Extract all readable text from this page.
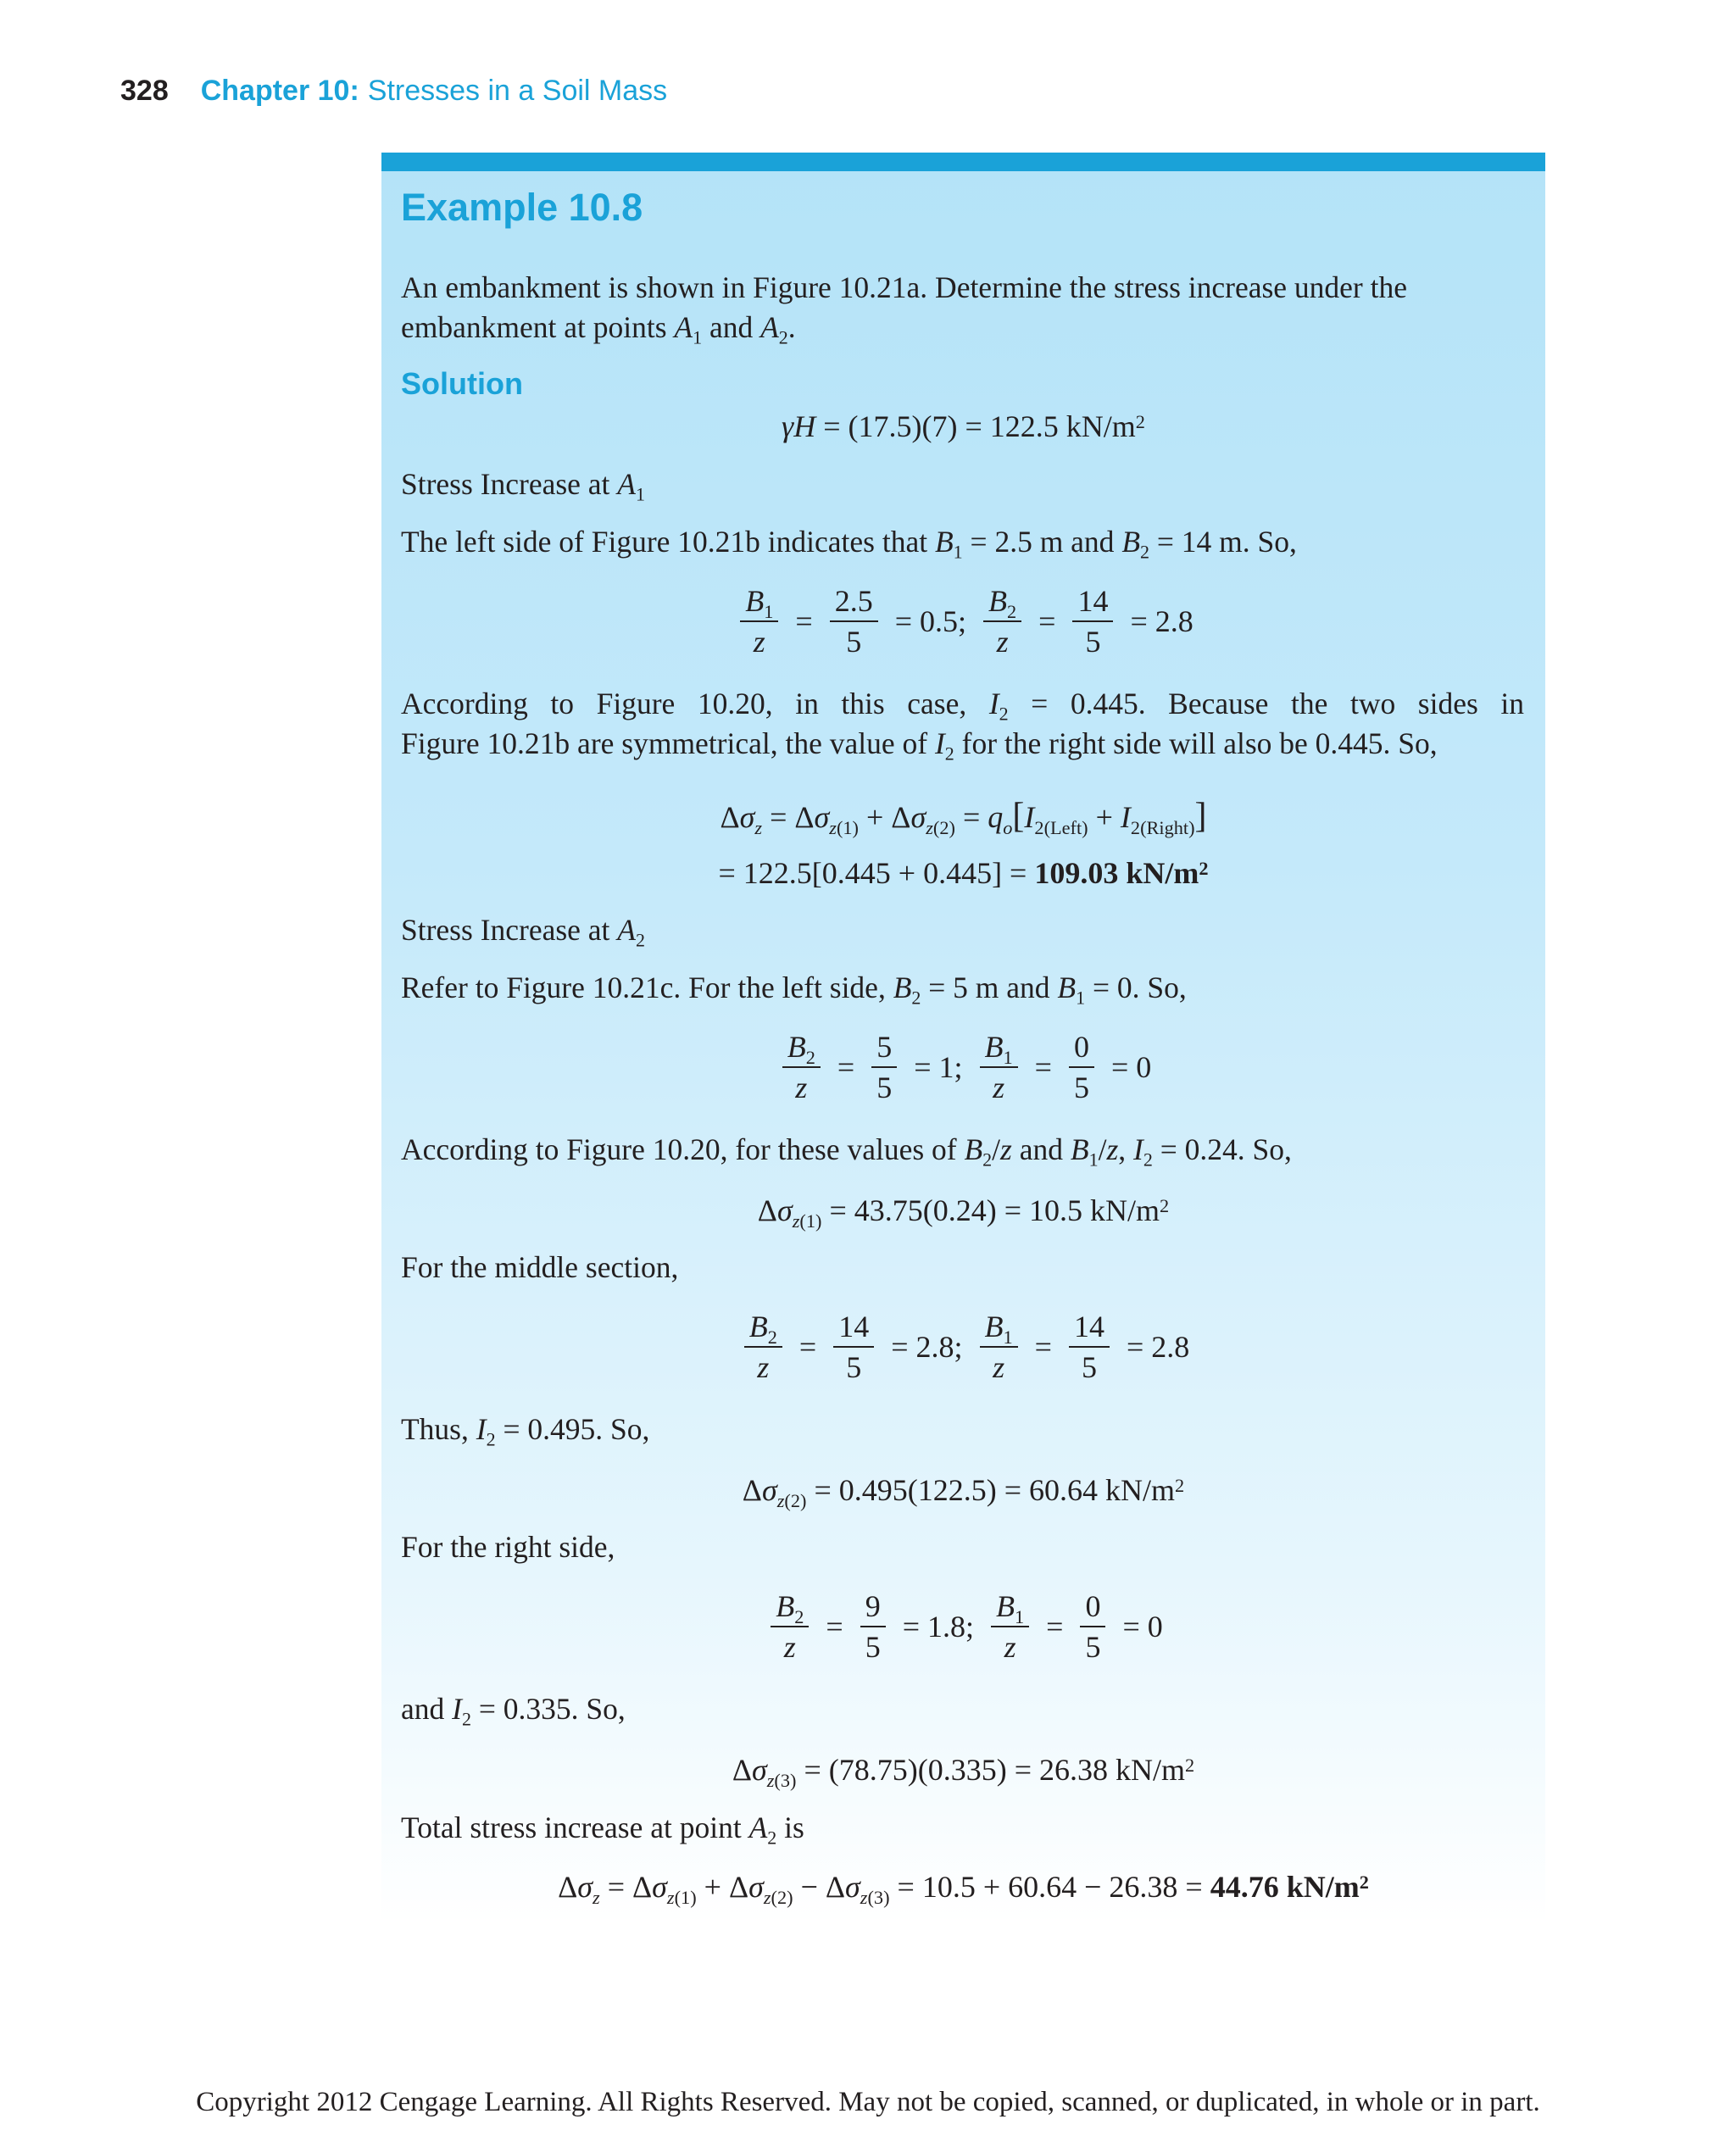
328 Chapter 10: Stresses in a Soil Mass
Example 10.8
An embankment is shown in Figure 10.21a. Determine the stress increase under the
embankment at points $A_1$ and $A_2$.
Solution
γH = (17.5)(7) = 122.5 $kN/m^2$
Stress Increase at $A_1$
The left side of Figure 10.21b indicates that $B_1 = 2.5$ m and $B_2 = 14$ m. So,
$\frac{B_1}{z} = \frac{2.5}{5} = 0.5$; $\frac{B_2}{z} = \frac{14}{5} = 2.8$
According to Figure 10.20, in this case, $I_2 = 0.445$. Because the two sides in
Figure 10.21b are symmetrical, the value of $I_2$ for the right side will also be 0.445. So,
$\Delta\sigma_z = \Delta\sigma_{z(1)} + \Delta\sigma_{z(2)} = q_o[I_{2(Left)} + I_{2(Right)}]$
= 122.5[0.445 + 0.445] = 109.03 $kN/m^2$
Stress Increase at $A_2$
Refer to Figure 10.21c. For the left side, $B_2 = 5$ m and $B_1 = 0$. So,
$\frac{B_2}{z} = \frac{5}{5} = 1$; $\frac{B_1}{z} = \frac{0}{5} = 0$
According to Figure 10.20, for these values of $B_2/z$ and $B_1/z$, $I_2 = 0.24$. So,
$\Delta\sigma_{z(1)} = 43.75(0.24) = 10.5$ $kN/m^2$
For the middle section,
$\frac{B_2}{z} = \frac{14}{5} = 2.8$; $\frac{B_1}{z} = \frac{14}{5} = 2.8$
Thus, $I_2 = 0.495$. So,
$\Delta\sigma_{z(2)} = 0.495(122.5) = 60.64$ $kN/m^2$
For the right side,
$\frac{B_2}{z} = \frac{9}{5} = 1.8$; $\frac{B_1}{z} = \frac{0}{5} = 0$
and $I_2 = 0.335$. So,
$\Delta\sigma_{z(3)} = (78.75)(0.335) = 26.38$ $kN/m^2$
Total stress increase at point $A_2$ is
$\Delta\sigma_z = \Delta\sigma_{z(1)} + \Delta\sigma_{z(2)} - \Delta\sigma_{z(3)} = 10.5 + 60.64 - 26.38 = 44.76$ $kN/m^2$
Copyright 2012 Cengage Learning. All Rights Reserved. May not be copied, scanned, or duplicated, in whole or in part.
